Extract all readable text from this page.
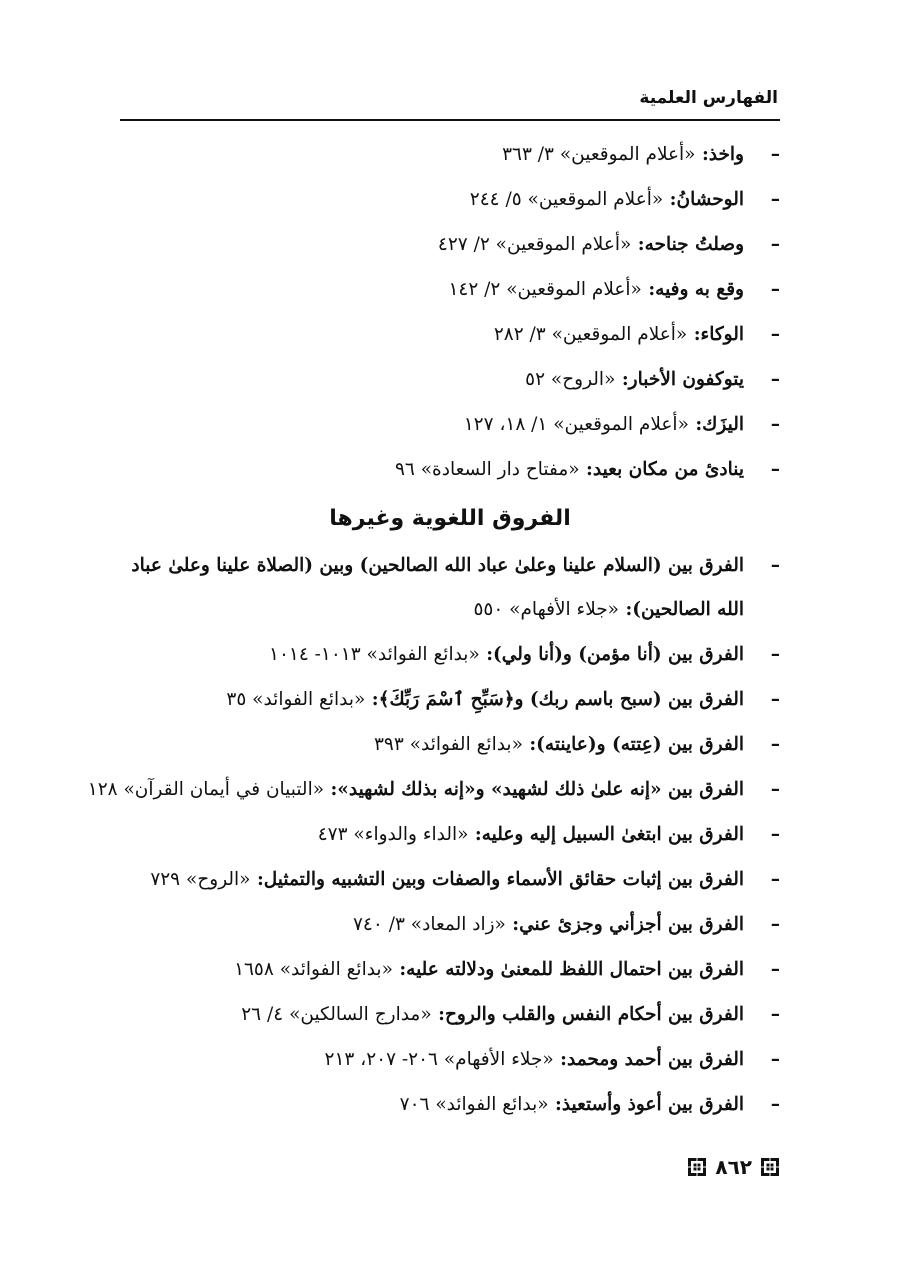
الفهارس العلمية
–
واخذ: «أعلام الموقعين» ٣/ ٣٦٣
–
الوحشانُ: «أعلام الموقعين» ٥/ ٢٤٤
–
وصلتُ جناحه: «أعلام الموقعين» ٢/ ٤٢٧
–
وقع به وفيه: «أعلام الموقعين» ٢/ ١٤٢
–
الوكاء: «أعلام الموقعين» ٣/ ٢٨٢
–
يتوكفون الأخبار: «الروح» ٥٢
–
اليزَك: «أعلام الموقعين» ١/ ١٨، ١٢٧
–
ينادئ من مكان بعيد: «مفتاح دار السعادة» ٩٦
الفروق اللغوية وغيرها
–
الفرق بين (السلام علينا وعلىٰ عباد الله الصالحين) وبين (الصلاة علينا وعلىٰ عباد الله الصالحين): «جلاء الأفهام» ٥٥٠
–
الفرق بين (أنا مؤمن) و(أنا ولي): «بدائع الفوائد» ١٠١٣- ١٠١٤
–
الفرق بين (سبح باسم ربك) و﴿سَبِّحِ ٱسْمَ رَبِّكَ﴾: «بدائع الفوائد» ٣٥
–
الفرق بين (عِتته) و(عاينته): «بدائع الفوائد» ٣٩٣
–
الفرق بين «إنه علىٰ ذلك لشهيد» و«إنه بذلك لشهيد»: «التبيان في أيمان القرآن» ١٢٨
–
الفرق بين ابتغىٰ السبيل إليه وعليه: «الداء والدواء» ٤٧٣
–
الفرق بين إثبات حقائق الأسماء والصفات وبين التشبيه والتمثيل: «الروح» ٧٢٩
–
الفرق بين أجزأني وجزئ عني: «زاد المعاد» ٣/ ٧٤٠
–
الفرق بين احتمال اللفظ للمعنىٰ ودلالته عليه: «بدائع الفوائد» ١٦٥٨
–
الفرق بين أحكام النفس والقلب والروح: «مدارج السالكين» ٤/ ٢٦
–
الفرق بين أحمد ومحمد: «جلاء الأفهام» ٢٠٦- ٢٠٧، ٢١٣
–
الفرق بين أعوذ وأستعيذ: «بدائع الفوائد» ٧٠٦
٨٦٢
